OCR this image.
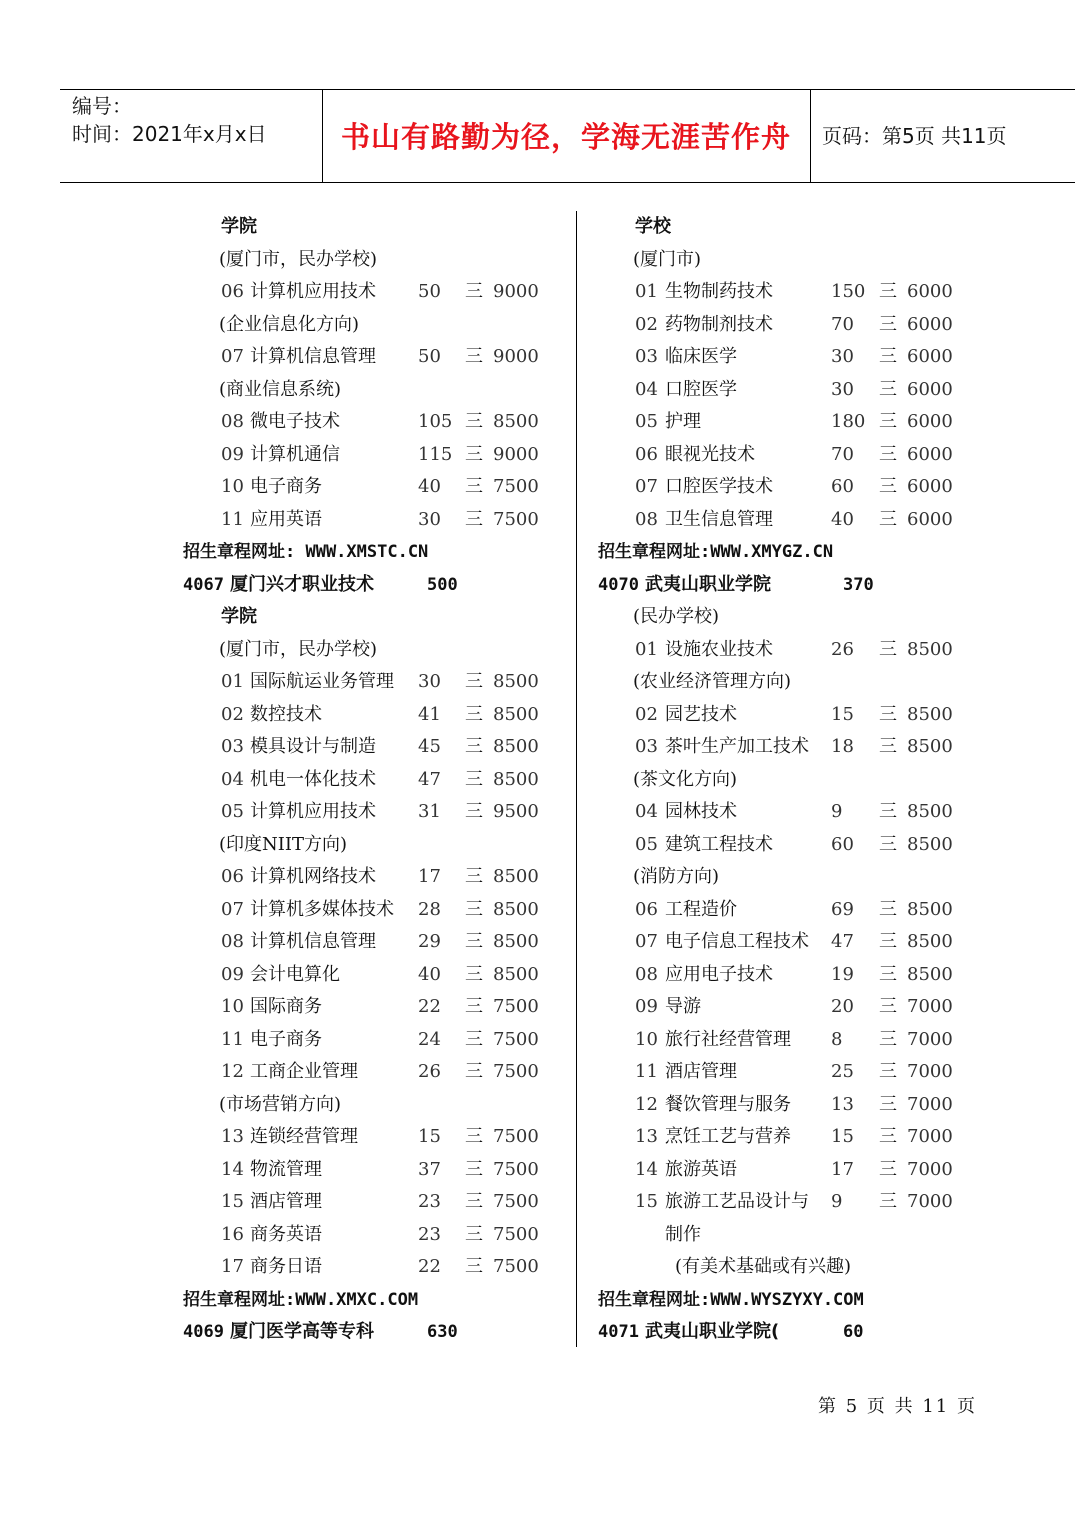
编号：
时间：2021年x月x日	书山有路勤为径，学海无涯苦作舟	页码：第5页 共11页
学院
(厦门市，民办学校)
06 计算机应用技术 50 三 9000
(企业信息化方向)
07 计算机信息管理 50 三 9000
(商业信息系统)
08 微电子技术	105 三 8500
09 计算机通信	115 三 9000
10 电子商务	40 三 7500
11 应用英语	30 三 7500
招生章程网址: WWW.XMSTC.CN
4067 厦门兴才职业技术	500
学院
(厦门市，民办学校)
01 国际航运业务管理 30 三 8500
02 数控技术	41 三 8500
03 模具设计与制造 45 三 8500
04 机电一体化技术 47 三 8500
05 计算机应用技术 31 三 9500
(印度NIIT方向)
06 计算机网络技术 17 三 8500
07 计算机多媒体技术 28 三 8500
08 计算机信息管理 29 三 8500
09 会计电算化	40 三 8500
10 国际商务	22 三 7500
11 电子商务	24 三 7500
12 工商企业管理	26 三 7500
(市场营销方向)
13 连锁经营管理	15 三 7500
14 物流管理	37 三 7500
15 酒店管理	23 三 7500
16 商务英语	23 三 7500
17 商务日语	22 三 7500
招生章程网址:WWW.XMXC.COM
4069 厦门医学高等专科	630
学校
(厦门市)
01 生物制药技术	150 三 6000
02 药物制剂技术	70 三 6000
03 临床医学	30 三 6000
04 口腔医学	30 三 6000
05 护理	180 三 6000
06 眼视光技术	70 三 6000
07 口腔医学技术	60 三 6000
08 卫生信息管理	40 三 6000
招生章程网址:WWW.XMYGZ.CN
4070 武夷山职业学院	370
(民办学校)
01 设施农业技术	26 三 8500
(农业经济管理方向)
02 园艺技术	15 三 8500
03 茶叶生产加工技术 18 三 8500
(茶文化方向)
04 园林技术	9 三 8500
05 建筑工程技术	60 三 8500
(消防方向)
06 工程造价	69 三 8500
07 电子信息工程技术 47 三 8500
08 应用电子技术	19 三 8500
09 导游	20 三 7000
10 旅行社经营管理 8 三 7000
11 酒店管理	25 三 7000
12 餐饮管理与服务 13 三 7000
13 烹饪工艺与营养 15 三 7000
14 旅游英语	17 三 7000
15 旅游工艺品设计与 9 三 7000
制作
(有美术基础或有兴趣)
招生章程网址:WWW.WYSZYXY.COM
4071 武夷山职业学院(	60
第 5 页 共 11 页
